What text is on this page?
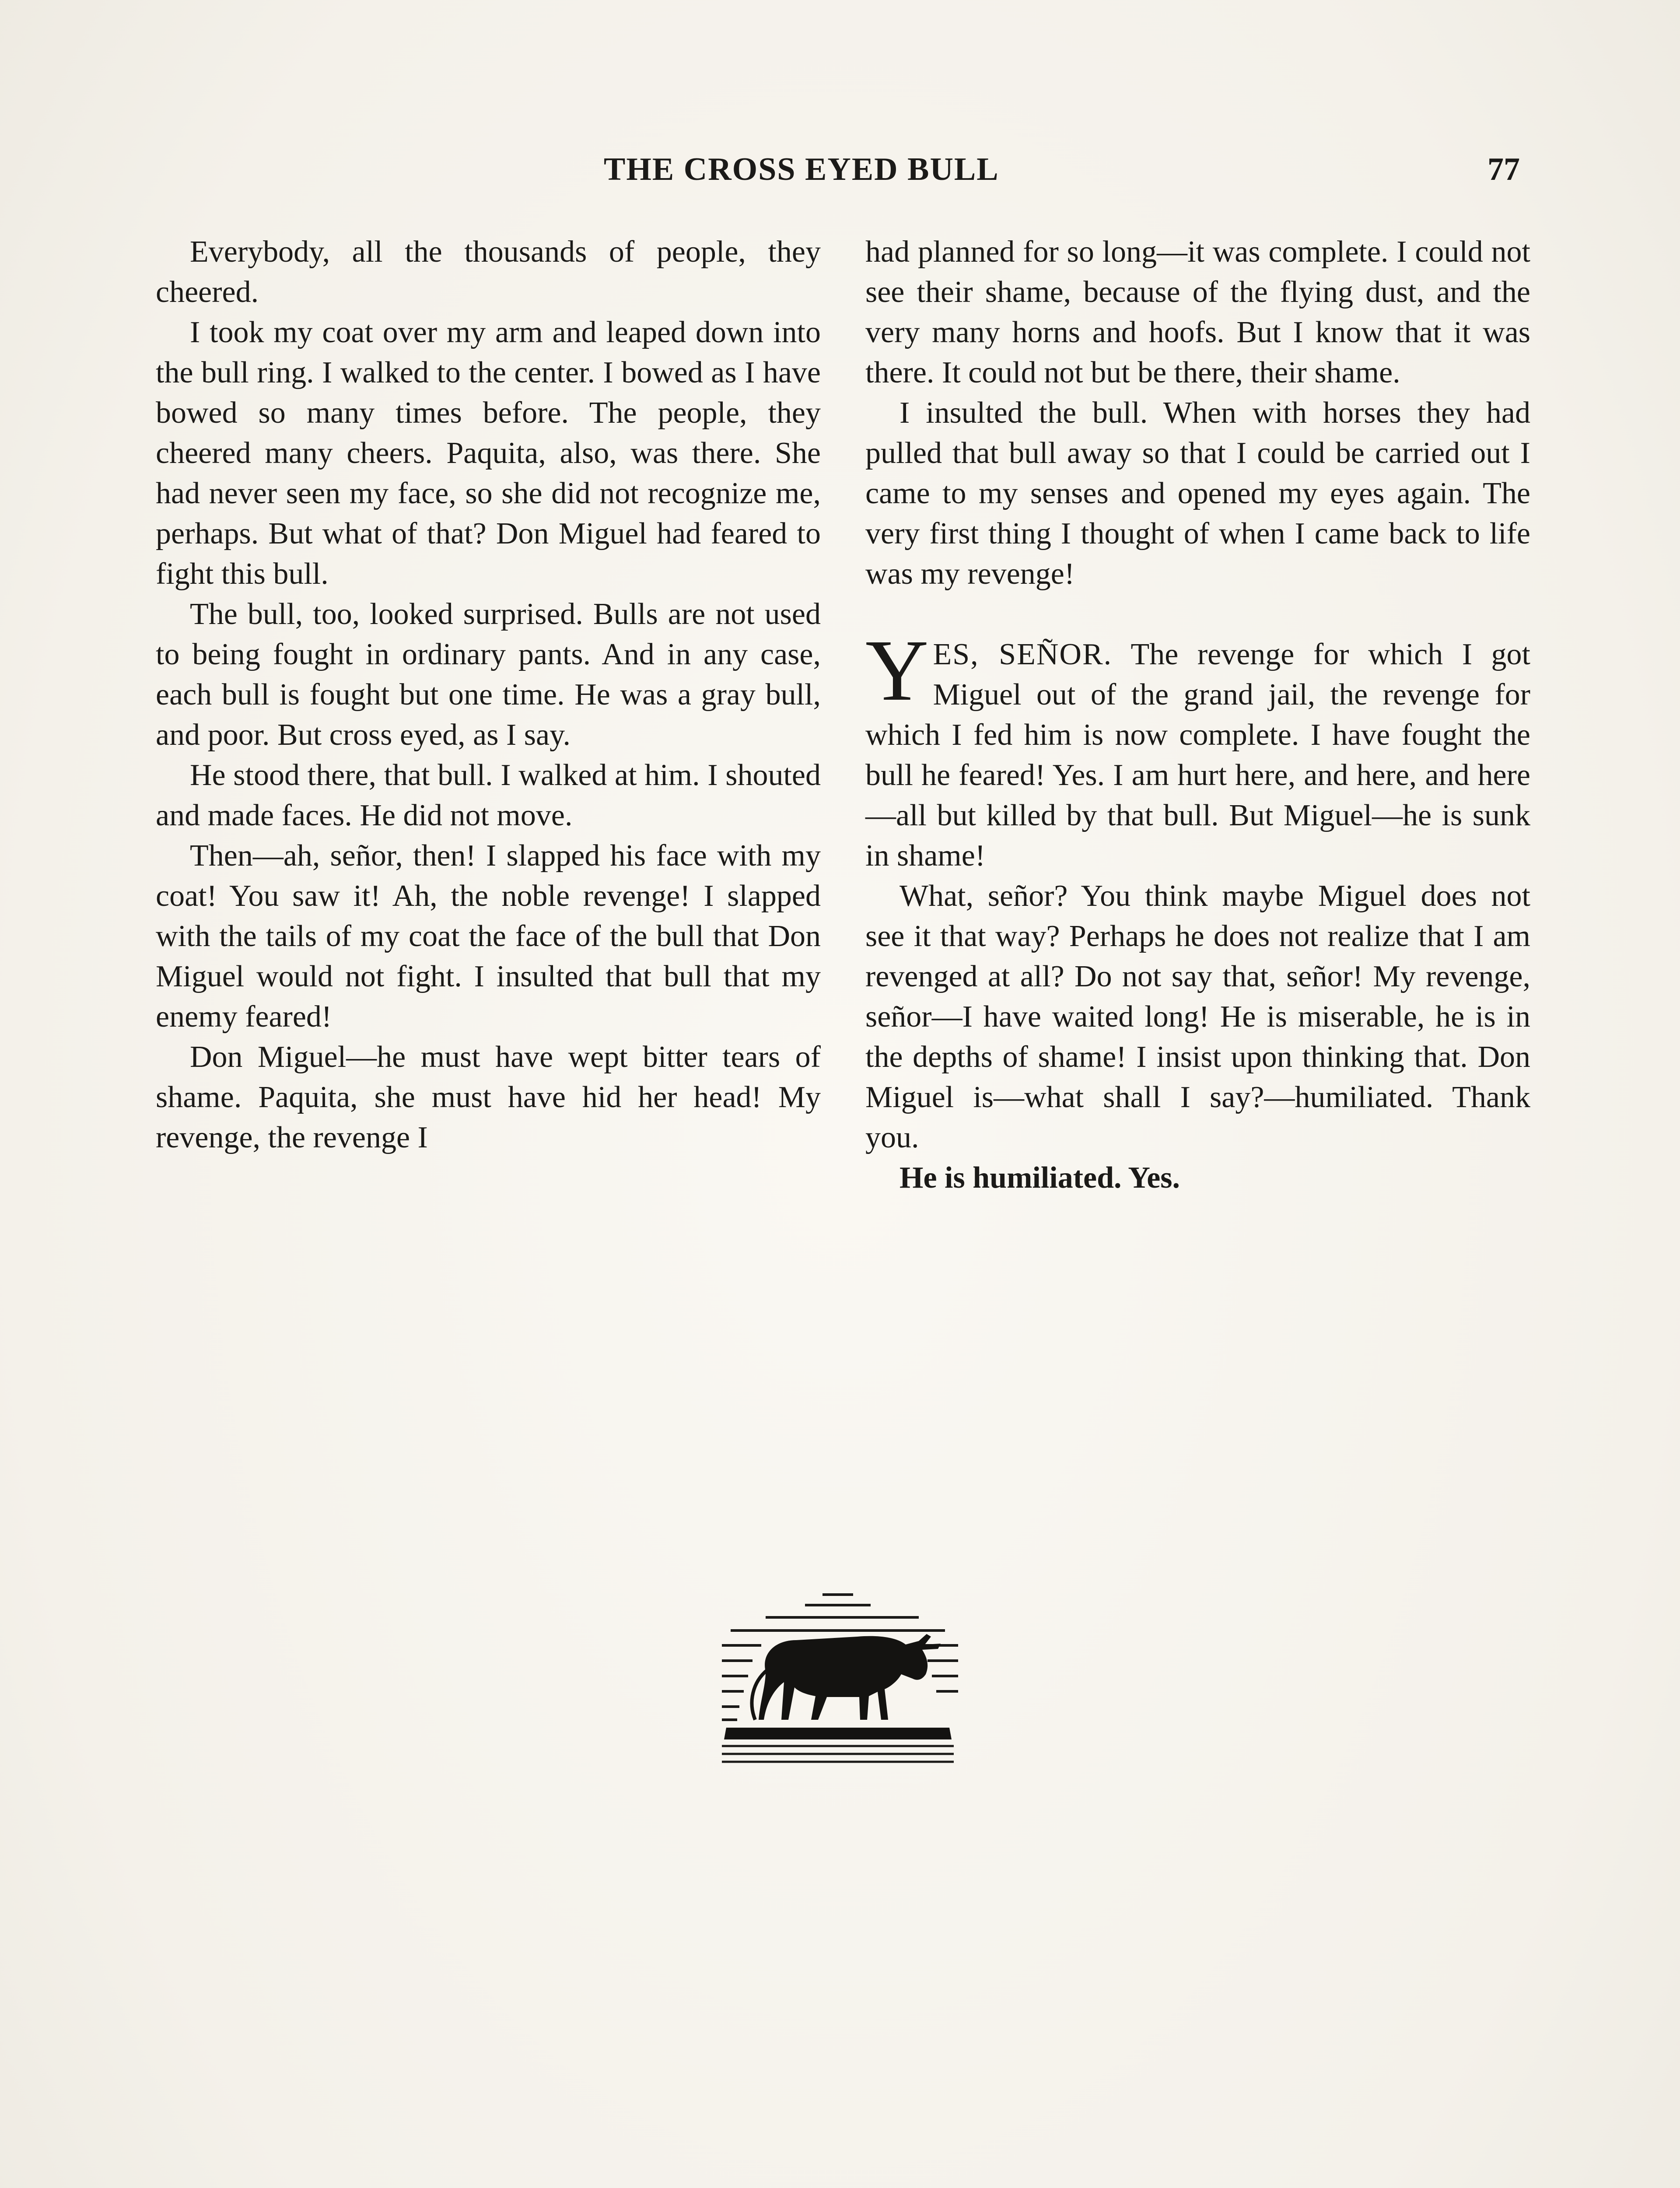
THE CROSS EYED BULL	77

Everybody, all the thousands of people, they cheered.

I took my coat over my arm and leaped down into the bull ring. I walked to the center. I bowed as I have bowed so many times before. The people, they cheered many cheers. Paquita, also, was there. She had never seen my face, so she did not recognize me, perhaps. But what of that? Don Miguel had feared to fight this bull.

The bull, too, looked surprised. Bulls are not used to being fought in ordinary pants. And in any case, each bull is fought but one time. He was a gray bull, and poor. But cross eyed, as I say.

He stood there, that bull. I walked at him. I shouted and made faces. He did not move.

Then—ah, señor, then! I slapped his face with my coat! You saw it! Ah, the noble revenge! I slapped with the tails of my coat the face of the bull that Don Miguel would not fight. I insulted that bull that my enemy feared!

Don Miguel—he must have wept bitter tears of shame. Paquita, she must have hid her head! My revenge, the revenge I

had planned for so long—it was complete. I could not see their shame, because of the flying dust, and the very many horns and hoofs. But I know that it was there. It could not but be there, their shame.

I insulted the bull. When with horses they had pulled that bull away so that I could be carried out I came to my senses and opened my eyes again. The very first thing I thought of when I came back to life was my revenge!

YES, SEÑOR. The revenge for which I got Miguel out of the grand jail, the revenge for which I fed him is now complete. I have fought the bull he feared! Yes. I am hurt here, and here, and here—all but killed by that bull. But Miguel—he is sunk in shame!

What, señor? You think maybe Miguel does not see it that way? Perhaps he does not realize that I am revenged at all? Do not say that, señor! My revenge, señor—I have waited long! He is miserable, he is in the depths of shame! I insist upon thinking that. Don Miguel is—what shall I say?—humiliated. Thank you.

He is humiliated. Yes.
